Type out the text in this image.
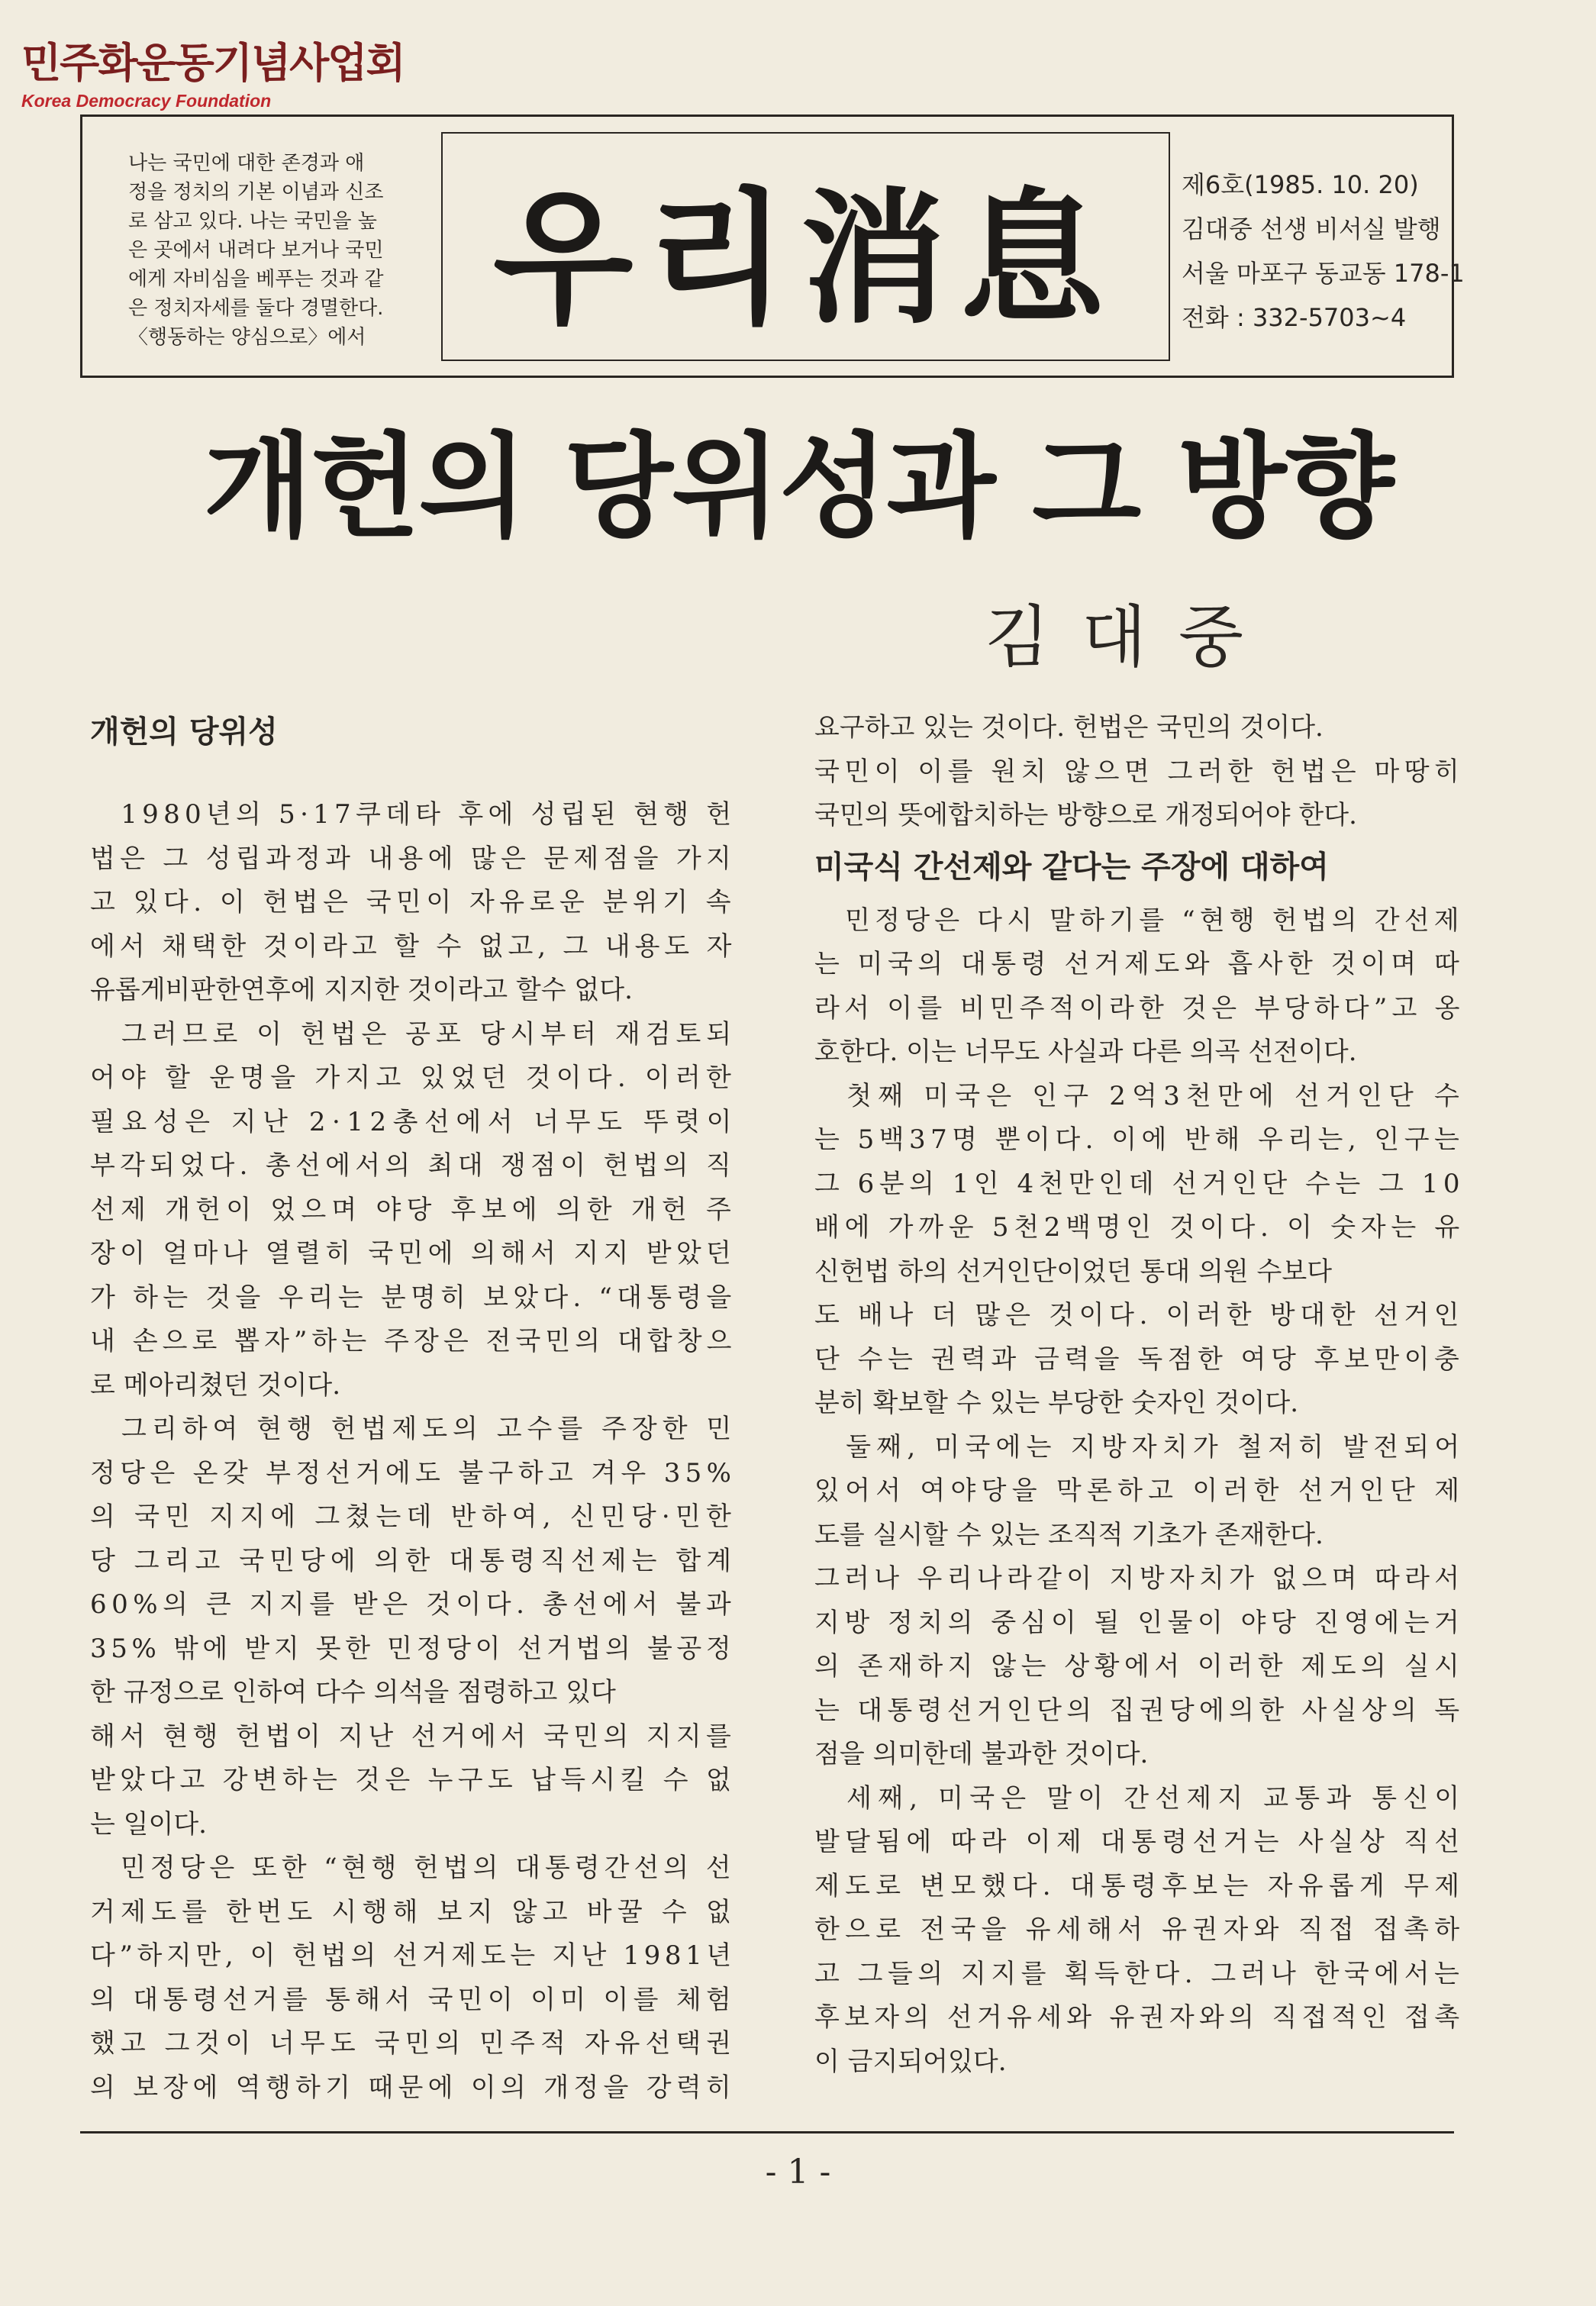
민주화운동기념사업회
Korea Democracy Foundation
나는 국민에 대한 존경과 애
정을 정치의 기본 이념과 신조
로 삼고 있다. 나는 국민을 높
은 곳에서 내려다 보거나 국민
에게 자비심을 베푸는 것과 같
은 정치자세를 둘다 경멸한다.
〈행동하는 양심으로〉에서 우리消息	제6호(1985. 10. 20)
김대중 선생 비서실 발행
서울 마포구 동교동 178-1
전화 : 332-5703~4
개헌의 당위성과 그 방향
김대중
개헌의 당위성
　1980년의 5·17쿠데타 후에 성립된 현행 헌
법은 그 성립과정과 내용에 많은 문제점을 가지
고 있다. 이 헌법은 국민이 자유로운 분위기 속
에서 채택한 것이라고 할 수 없고, 그 내용도 자
유롭게비판한연후에 지지한 것이라고 할수 없다.
　그러므로 이 헌법은 공포 당시부터 재검토되
어야 할 운명을 가지고 있었던 것이다. 이러한
필요성은 지난 2·12총선에서 너무도 뚜렷이
부각되었다. 총선에서의 최대 쟁점이 헌법의 직
선제 개헌이 었으며 야당 후보에 의한 개헌 주
장이 얼마나 열렬히 국민에 의해서 지지 받았던
가 하는 것을 우리는 분명히 보았다. “대통령을
내 손으로 뽑자”하는 주장은 전국민의 대합창으
로 메아리쳤던 것이다.
　그리하여 현행 헌법제도의 고수를 주장한 민
정당은 온갖 부정선거에도 불구하고 겨우 35%
의 국민 지지에 그쳤는데 반하여, 신민당·민한
당 그리고 국민당에 의한 대통령직선제는 합계
60%의 큰 지지를 받은 것이다. 총선에서 불과
35% 밖에 받지 못한 민정당이 선거법의 불공정
한 규정으로 인하여 다수 의석을 점령하고 있다
해서 현행 헌법이 지난 선거에서 국민의 지지를
받았다고 강변하는 것은 누구도 납득시킬 수 없
는 일이다.
　민정당은 또한 “현행 헌법의 대통령간선의 선
거제도를 한번도 시행해 보지 않고 바꿀 수 없
다”하지만, 이 헌법의 선거제도는 지난 1981년
의 대통령선거를 통해서 국민이 이미 이를 체험
했고 그것이 너무도 국민의 민주적 자유선택권
의 보장에 역행하기 때문에 이의 개정을 강력히
요구하고 있는 것이다. 헌법은 국민의 것이다.
국민이 이를 원치 않으면 그러한 헌법은 마땅히
국민의 뜻에합치하는 방향으로 개정되어야 한다.
미국식 간선제와 같다는 주장에 대하여
　민정당은 다시 말하기를 “현행 헌법의 간선제
는 미국의 대통령 선거제도와 흡사한 것이며 따
라서 이를 비민주적이라한 것은 부당하다”고 옹
호한다. 이는 너무도 사실과 다른 의곡 선전이다.
　첫째 미국은 인구 2억3천만에 선거인단 수
는 5백37명 뿐이다. 이에 반해 우리는, 인구는
그 6분의 1인 4천만인데 선거인단 수는 그 10
배에 가까운 5천2백명인 것이다. 이 숫자는 유
신헌법 하의 선거인단이었던 통대 의원 수보다
도 배나 더 많은 것이다. 이러한 방대한 선거인
단 수는 권력과 금력을 독점한 여당 후보만이충
분히 확보할 수 있는 부당한 숫자인 것이다.
　둘째, 미국에는 지방자치가 철저히 발전되어
있어서 여야당을 막론하고 이러한 선거인단 제
도를 실시할 수 있는 조직적 기초가 존재한다.
그러나 우리나라같이 지방자치가 없으며 따라서
지방 정치의 중심이 될 인물이 야당 진영에는거
의 존재하지 않는 상황에서 이러한 제도의 실시
는 대통령선거인단의 집권당에의한 사실상의 독
점을 의미한데 불과한 것이다.
　세째, 미국은 말이 간선제지 교통과 통신이
발달됨에 따라 이제 대통령선거는 사실상 직선
제도로 변모했다. 대통령후보는 자유롭게 무제
한으로 전국을 유세해서 유권자와 직접 접촉하
고 그들의 지지를 획득한다. 그러나 한국에서는
후보자의 선거유세와 유권자와의 직접적인 접촉
이 금지되어있다.
- 1 -
